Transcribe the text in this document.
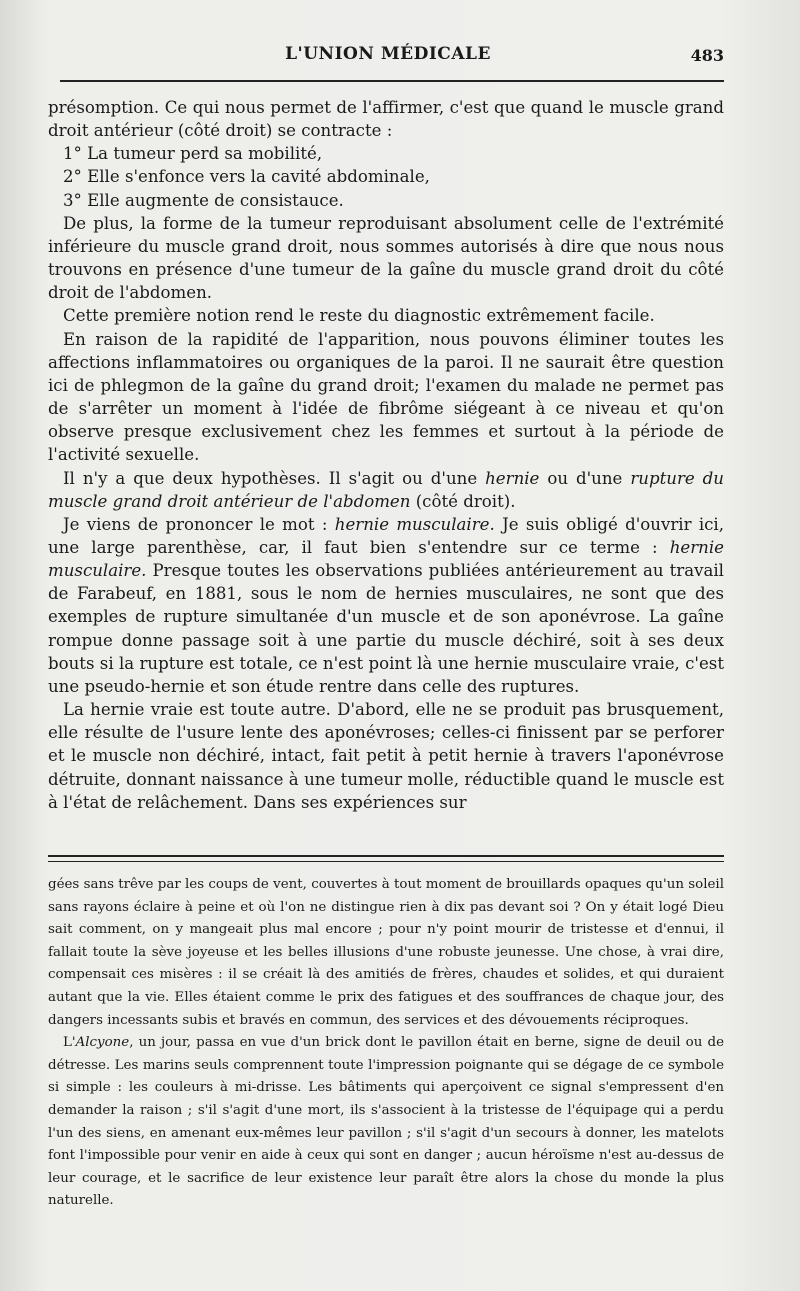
L'UNION MÉDICALE	483

présomption. Ce qui nous permet de l'affirmer, c'est que quand le muscle grand droit antérieur (côté droit) se contracte :

1° La tumeur perd sa mobilité,

2° Elle s'enfonce vers la cavité abdominale,

3° Elle augmente de consistauce.

De plus, la forme de la tumeur reproduisant absolument celle de l'extrémité inférieure du muscle grand droit, nous sommes autorisés à dire que nous nous trouvons en présence d'une tumeur de la gaîne du muscle grand droit du côté droit de l'abdomen.

Cette première notion rend le reste du diagnostic extrêmement facile.

En raison de la rapidité de l'apparition, nous pouvons éliminer toutes les affections inflammatoires ou organiques de la paroi. Il ne saurait être question ici de phlegmon de la gaîne du grand droit; l'examen du malade ne permet pas de s'arrêter un moment à l'idée de fibrôme siégeant à ce niveau et qu'on observe presque exclusivement chez les femmes et surtout à la période de l'activité sexuelle.

Il n'y a que deux hypothèses. Il s'agit ou d'une hernie ou d'une rupture du muscle grand droit antérieur de l'abdomen (côté droit).

Je viens de prononcer le mot : hernie musculaire. Je suis obligé d'ouvrir ici, une large parenthèse, car, il faut bien s'entendre sur ce terme : hernie musculaire. Presque toutes les observations publiées antérieurement au travail de Farabeuf, en 1881, sous le nom de hernies musculaires, ne sont que des exemples de rupture simultanée d'un muscle et de son aponévrose. La gaîne rompue donne passage soit à une partie du muscle déchiré, soit à ses deux bouts si la rupture est totale, ce n'est point là une hernie musculaire vraie, c'est une pseudo-hernie et son étude rentre dans celle des ruptures.

La hernie vraie est toute autre. D'abord, elle ne se produit pas brusquement, elle résulte de l'usure lente des aponévroses; celles-ci finissent par se perforer et le muscle non déchiré, intact, fait petit à petit hernie à travers l'aponévrose détruite, donnant naissance à une tumeur molle, réductible quand le muscle est à l'état de relâchement. Dans ses expériences sur

gées sans trêve par les coups de vent, couvertes à tout moment de brouillards opaques qu'un soleil sans rayons éclaire à peine et où l'on ne distingue rien à dix pas devant soi ? On y était logé Dieu sait comment, on y mangeait plus mal encore ; pour n'y point mourir de tristesse et d'ennui, il fallait toute la sève joyeuse et les belles illusions d'une robuste jeunesse. Une chose, à vrai dire, compensait ces misères : il se créait là des amitiés de frères, chaudes et solides, et qui duraient autant que la vie. Elles étaient comme le prix des fatigues et des souffrances de chaque jour, des dangers incessants subis et bravés en commun, des services et des dévouements réciproques.

L'Alcyone, un jour, passa en vue d'un brick dont le pavillon était en berne, signe de deuil ou de détresse. Les marins seuls comprennent toute l'impression poignante qui se dégage de ce symbole si simple : les couleurs à mi-drisse. Les bâtiments qui aperçoivent ce signal s'empressent d'en demander la raison ; s'il s'agit d'une mort, ils s'associent à la tristesse de l'équipage qui a perdu l'un des siens, en amenant eux-mêmes leur pavillon ; s'il s'agit d'un secours à donner, les matelots font l'impossible pour venir en aide à ceux qui sont en danger ; aucun héroïsme n'est au-dessus de leur courage, et le sacrifice de leur existence leur paraît être alors la chose du monde la plus naturelle.
